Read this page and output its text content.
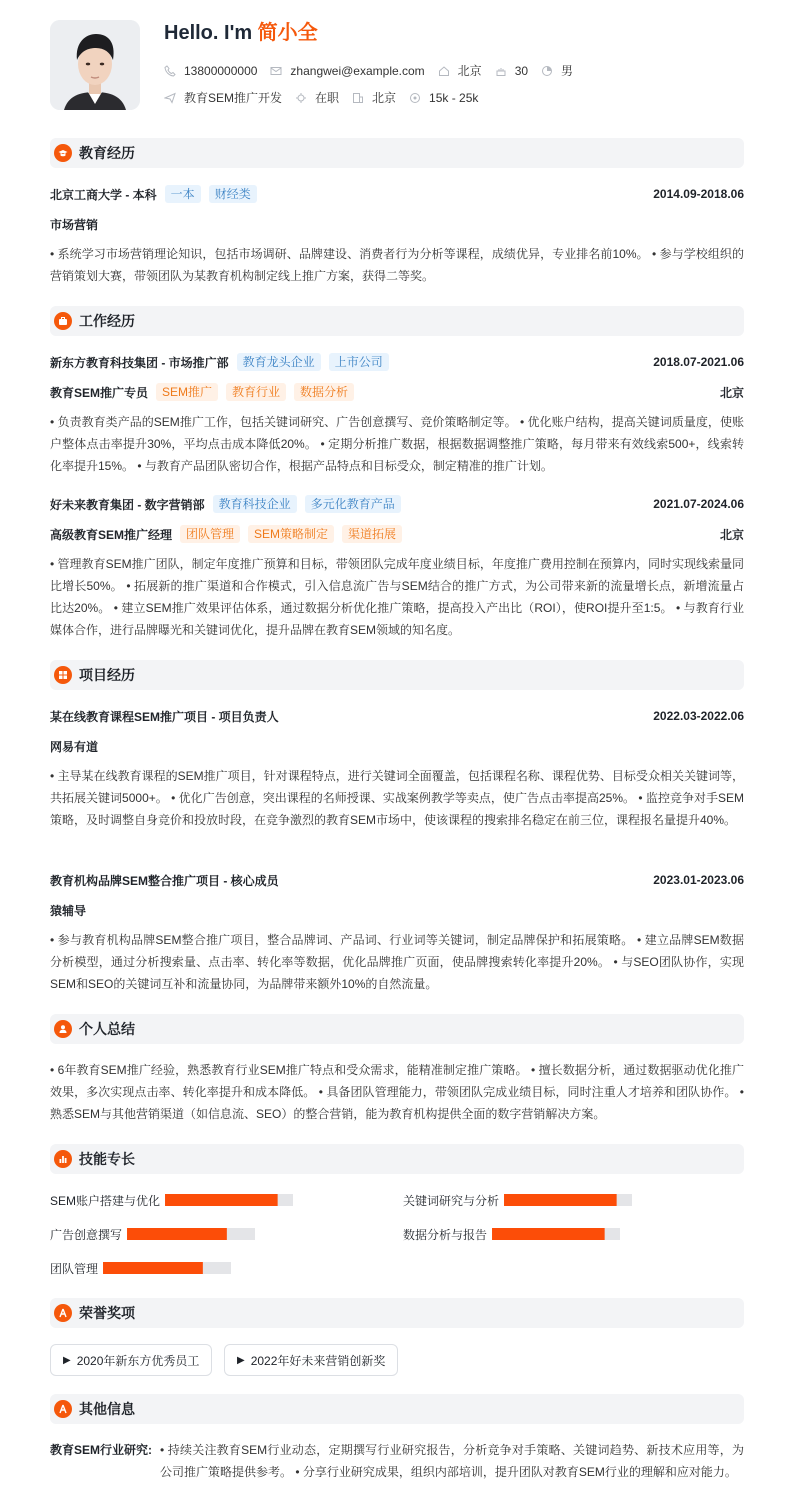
Hello. I'm 简小全
13800000000	zhangwei@example.com	北京	30	男
教育SEM推广开发	在职	北京	15k - 25k
教育经历
北京工商大学 - 本科	一本	财经类	2014.09-2018.06
市场营销
• 系统学习市场营销理论知识，包括市场调研、品牌建设、消费者行为分析等课程，成绩优异，专业排名前10%。 • 参与学校组织的营销策划大赛，带领团队为某教育机构制定线上推广方案，获得二等奖。
工作经历
新东方教育科技集团 - 市场推广部	教育龙头企业	上市公司	2018.07-2021.06
教育SEM推广专员	SEM推广	教育行业	数据分析	北京
• 负责教育类产品的SEM推广工作，包括关键词研究、广告创意撰写、竞价策略制定等。 • 优化账户结构，提高关键词质量度，使账户整体点击率提升30%，平均点击成本降低20%。 • 定期分析推广数据，根据数据调整推广策略，每月带来有效线索500+，线索转化率提升15%。 • 与教育产品团队密切合作，根据产品特点和目标受众，制定精准的推广计划。
好未来教育集团 - 数字营销部	教育科技企业	多元化教育产品	2021.07-2024.06
高级教育SEM推广经理	团队管理	SEM策略制定	渠道拓展	北京
• 管理教育SEM推广团队，制定年度推广预算和目标，带领团队完成年度业绩目标，年度推广费用控制在预算内，同时实现线索量同比增长50%。 • 拓展新的推广渠道和合作模式，引入信息流广告与SEM结合的推广方式，为公司带来新的流量增长点，新增流量占比达20%。 • 建立SEM推广效果评估体系，通过数据分析优化推广策略，提高投入产出比（ROI），使ROI提升至1:5。 • 与教育行业媒体合作，进行品牌曝光和关键词优化，提升品牌在教育SEM领域的知名度。
项目经历
某在线教育课程SEM推广项目 - 项目负责人	2022.03-2022.06
网易有道
• 主导某在线教育课程的SEM推广项目，针对课程特点，进行关键词全面覆盖，包括课程名称、课程优势、目标受众相关关键词等，共拓展关键词5000+。 • 优化广告创意，突出课程的名师授课、实战案例教学等卖点，使广告点击率提高25%。 • 监控竞争对手SEM策略，及时调整自身竞价和投放时段，在竞争激烈的教育SEM市场中，使该课程的搜索排名稳定在前三位，课程报名量提升40%。
教育机构品牌SEM整合推广项目 - 核心成员	2023.01-2023.06
猿辅导
• 参与教育机构品牌SEM整合推广项目，整合品牌词、产品词、行业词等关键词，制定品牌保护和拓展策略。 • 建立品牌SEM数据分析模型，通过分析搜索量、点击率、转化率等数据，优化品牌推广页面，使品牌搜索转化率提升20%。 • 与SEO团队协作，实现SEM和SEO的关键词互补和流量协同，为品牌带来额外10%的自然流量。
个人总结
• 6年教育SEM推广经验，熟悉教育行业SEM推广特点和受众需求，能精准制定推广策略。 • 擅长数据分析，通过数据驱动优化推广效果，多次实现点击率、转化率提升和成本降低。 • 具备团队管理能力，带领团队完成业绩目标，同时注重人才培养和团队协作。 • 熟悉SEM与其他营销渠道（如信息流、SEO）的整合营销，能为教育机构提供全面的数字营销解决方案。
技能专长
SEM账户搭建与优化	关键词研究与分析
广告创意撰写	数据分析与报告
团队管理
荣誉奖项
▶ 2020年新东方优秀员工	▶ 2022年好未来营销创新奖
其他信息
教育SEM行业研究: • 持续关注教育SEM行业动态，定期撰写行业研究报告，分析竞争对手策略、关键词趋势、新技术应用等，为公司推广策略提供参考。 • 分享行业研究成果，组织内部培训，提升团队对教育SEM行业的理解和应对能力。
